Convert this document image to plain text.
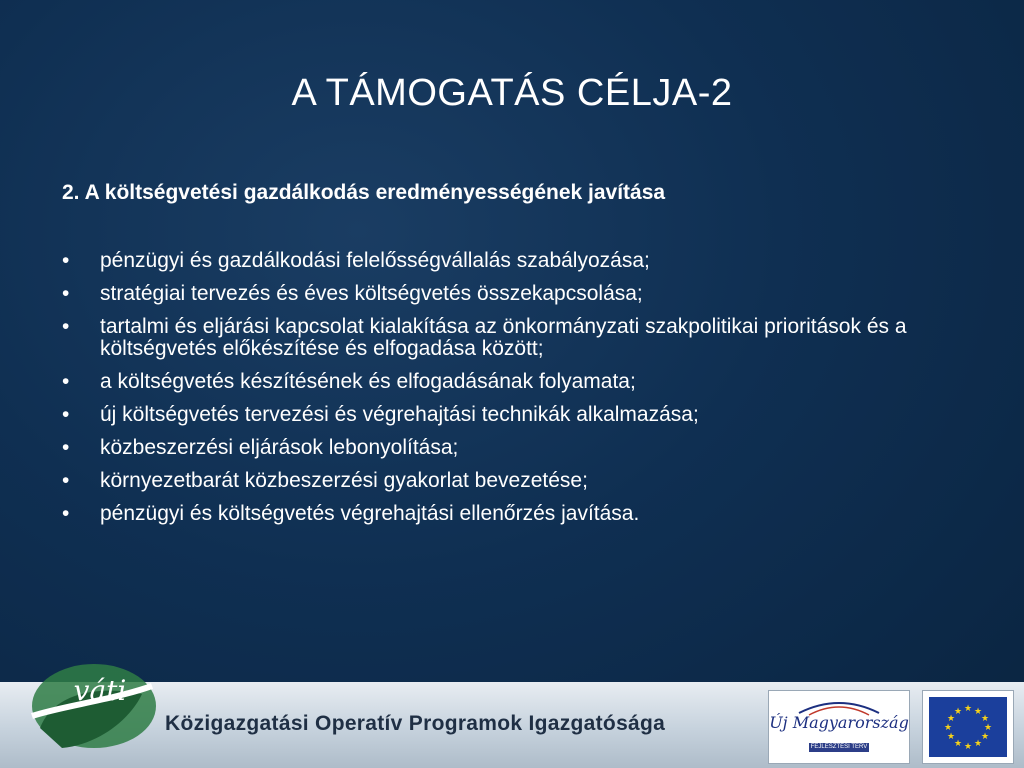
A TÁMOGATÁS CÉLJA-2
2. A költségvetési gazdálkodás eredményességének javítása
• pénzügyi és gazdálkodási felelősségvállalás szabályozása;
• stratégiai tervezés és éves költségvetés összekapcsolása;
• tartalmi és eljárási kapcsolat kialakítása az önkormányzati szakpolitikai prioritások és a költségvetés előkészítése és elfogadása között;
• a költségvetés készítésének és elfogadásának folyamata;
• új költségvetés tervezési és végrehajtási technikák alkalmazása;
• közbeszerzési eljárások lebonyolítása;
• környezetbarát közbeszerzési gyakorlat bevezetése;
• pénzügyi és költségvetés végrehajtási ellenőrzés javítása.
váti
Közigazgatási Operatív Programok Igazgatósága	Új Magyarország
FEJLESZTÉSI TERV
★ ★
★
★
★
★
★
★
★
★
★
★
